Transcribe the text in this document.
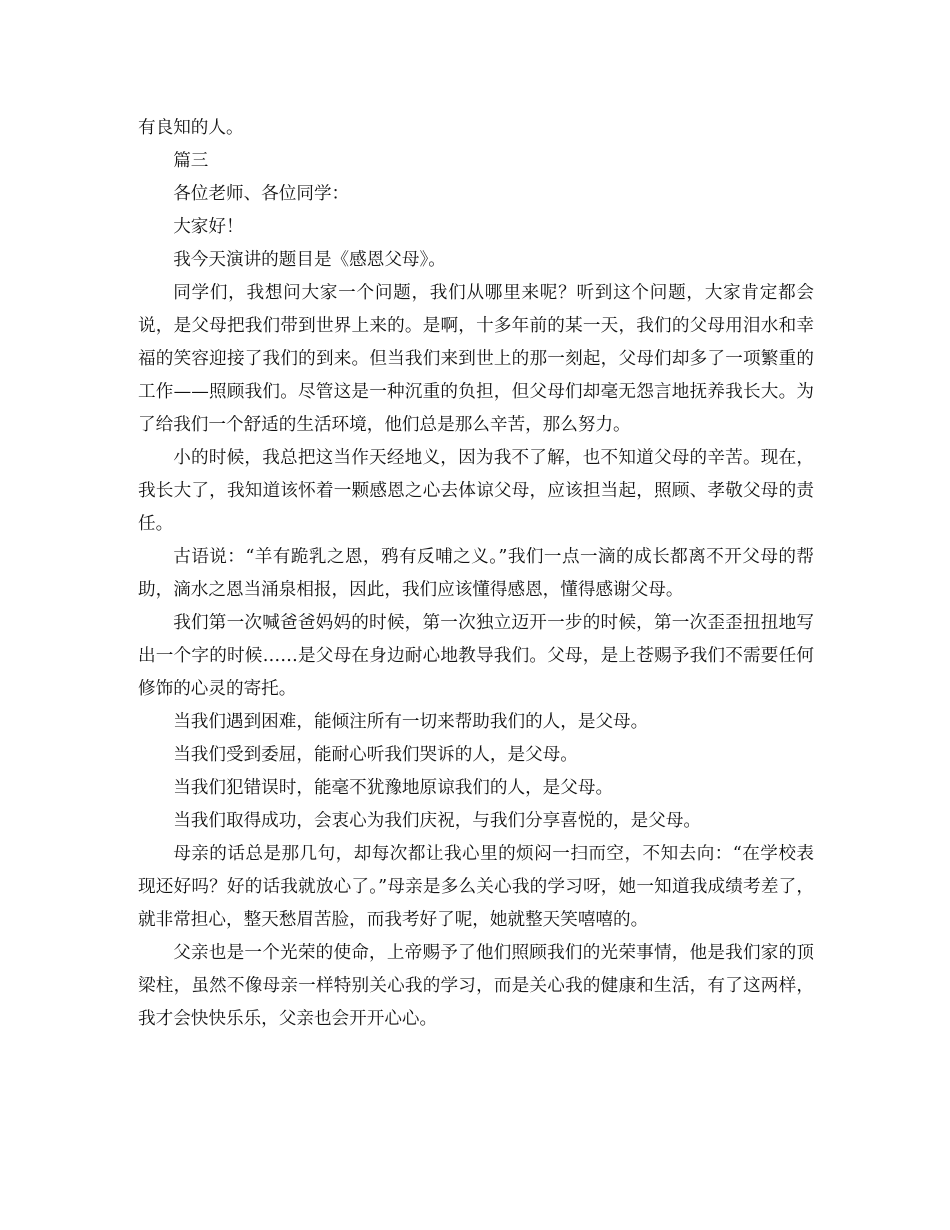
有良知的人。

篇三

各位老师、各位同学：

大家好！

我今天演讲的题目是《感恩父母》。

同学们，我想问大家一个问题，我们从哪里来呢？听到这个问题，大家肯定都会说，是父母把我们带到世界上来的。是啊，十多年前的某一天，我们的父母用泪水和幸福的笑容迎接了我们的到来。但当我们来到世上的那一刻起，父母们却多了一项繁重的工作——照顾我们。尽管这是一种沉重的负担，但父母们却毫无怨言地抚养我长大。为了给我们一个舒适的生活环境，他们总是那么辛苦，那么努力。

小的时候，我总把这当作天经地义，因为我不了解，也不知道父母的辛苦。现在，我长大了，我知道该怀着一颗感恩之心去体谅父母，应该担当起，照顾、孝敬父母的责任。

古语说：“羊有跪乳之恩，鸦有反哺之义。”我们一点一滴的成长都离不开父母的帮助，滴水之恩当涌泉相报，因此，我们应该懂得感恩，懂得感谢父母。

我们第一次喊爸爸妈妈的时候，第一次独立迈开一步的时候，第一次歪歪扭扭地写出一个字的时候……是父母在身边耐心地教导我们。父母，是上苍赐予我们不需要任何修饰的心灵的寄托。

当我们遇到困难，能倾注所有一切来帮助我们的人，是父母。

当我们受到委屈，能耐心听我们哭诉的人，是父母。

当我们犯错误时，能毫不犹豫地原谅我们的人，是父母。

当我们取得成功，会衷心为我们庆祝，与我们分享喜悦的，是父母。

母亲的话总是那几句，却每次都让我心里的烦闷一扫而空，不知去向：“在学校表现还好吗？好的话我就放心了。”母亲是多么关心我的学习呀，她一知道我成绩考差了，就非常担心，整天愁眉苦脸，而我考好了呢，她就整天笑嘻嘻的。

父亲也是一个光荣的使命，上帝赐予了他们照顾我们的光荣事情，他是我们家的顶梁柱，虽然不像母亲一样特别关心我的学习，而是关心我的健康和生活，有了这两样，我才会快快乐乐，父亲也会开开心心。
